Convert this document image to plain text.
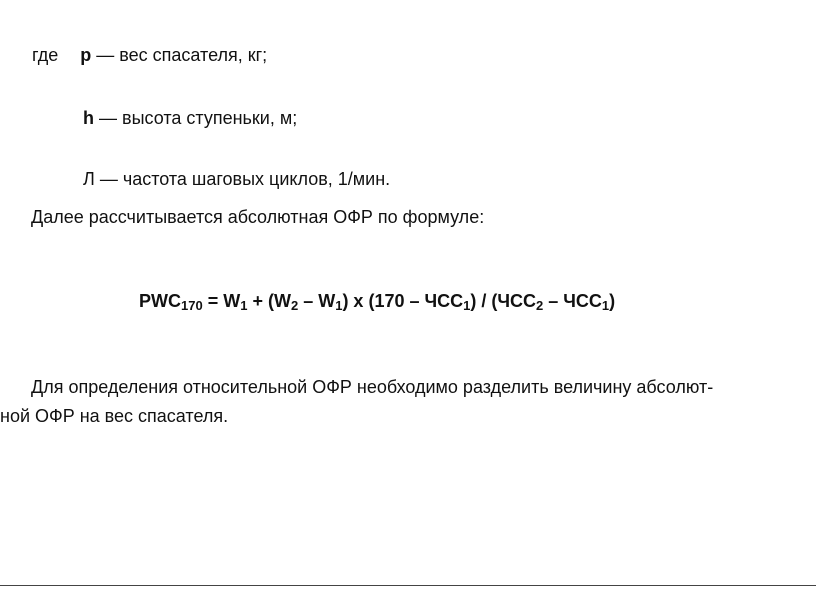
где р — вес спасателя, кг;
h — высота ступеньки, м;
Л — частота шаговых циклов, 1/мин.
Далее рассчитывается абсолютная ОФР по формуле:
$PWC_{170} = W_1 + (W_2 - W_1)$ х $(170 - ЧСС_1) / (ЧСС_2 - ЧСС_1)$
Для определения относительной ОФР необходимо разделить величину абсолют-
ной ОФР на вес спасателя.
